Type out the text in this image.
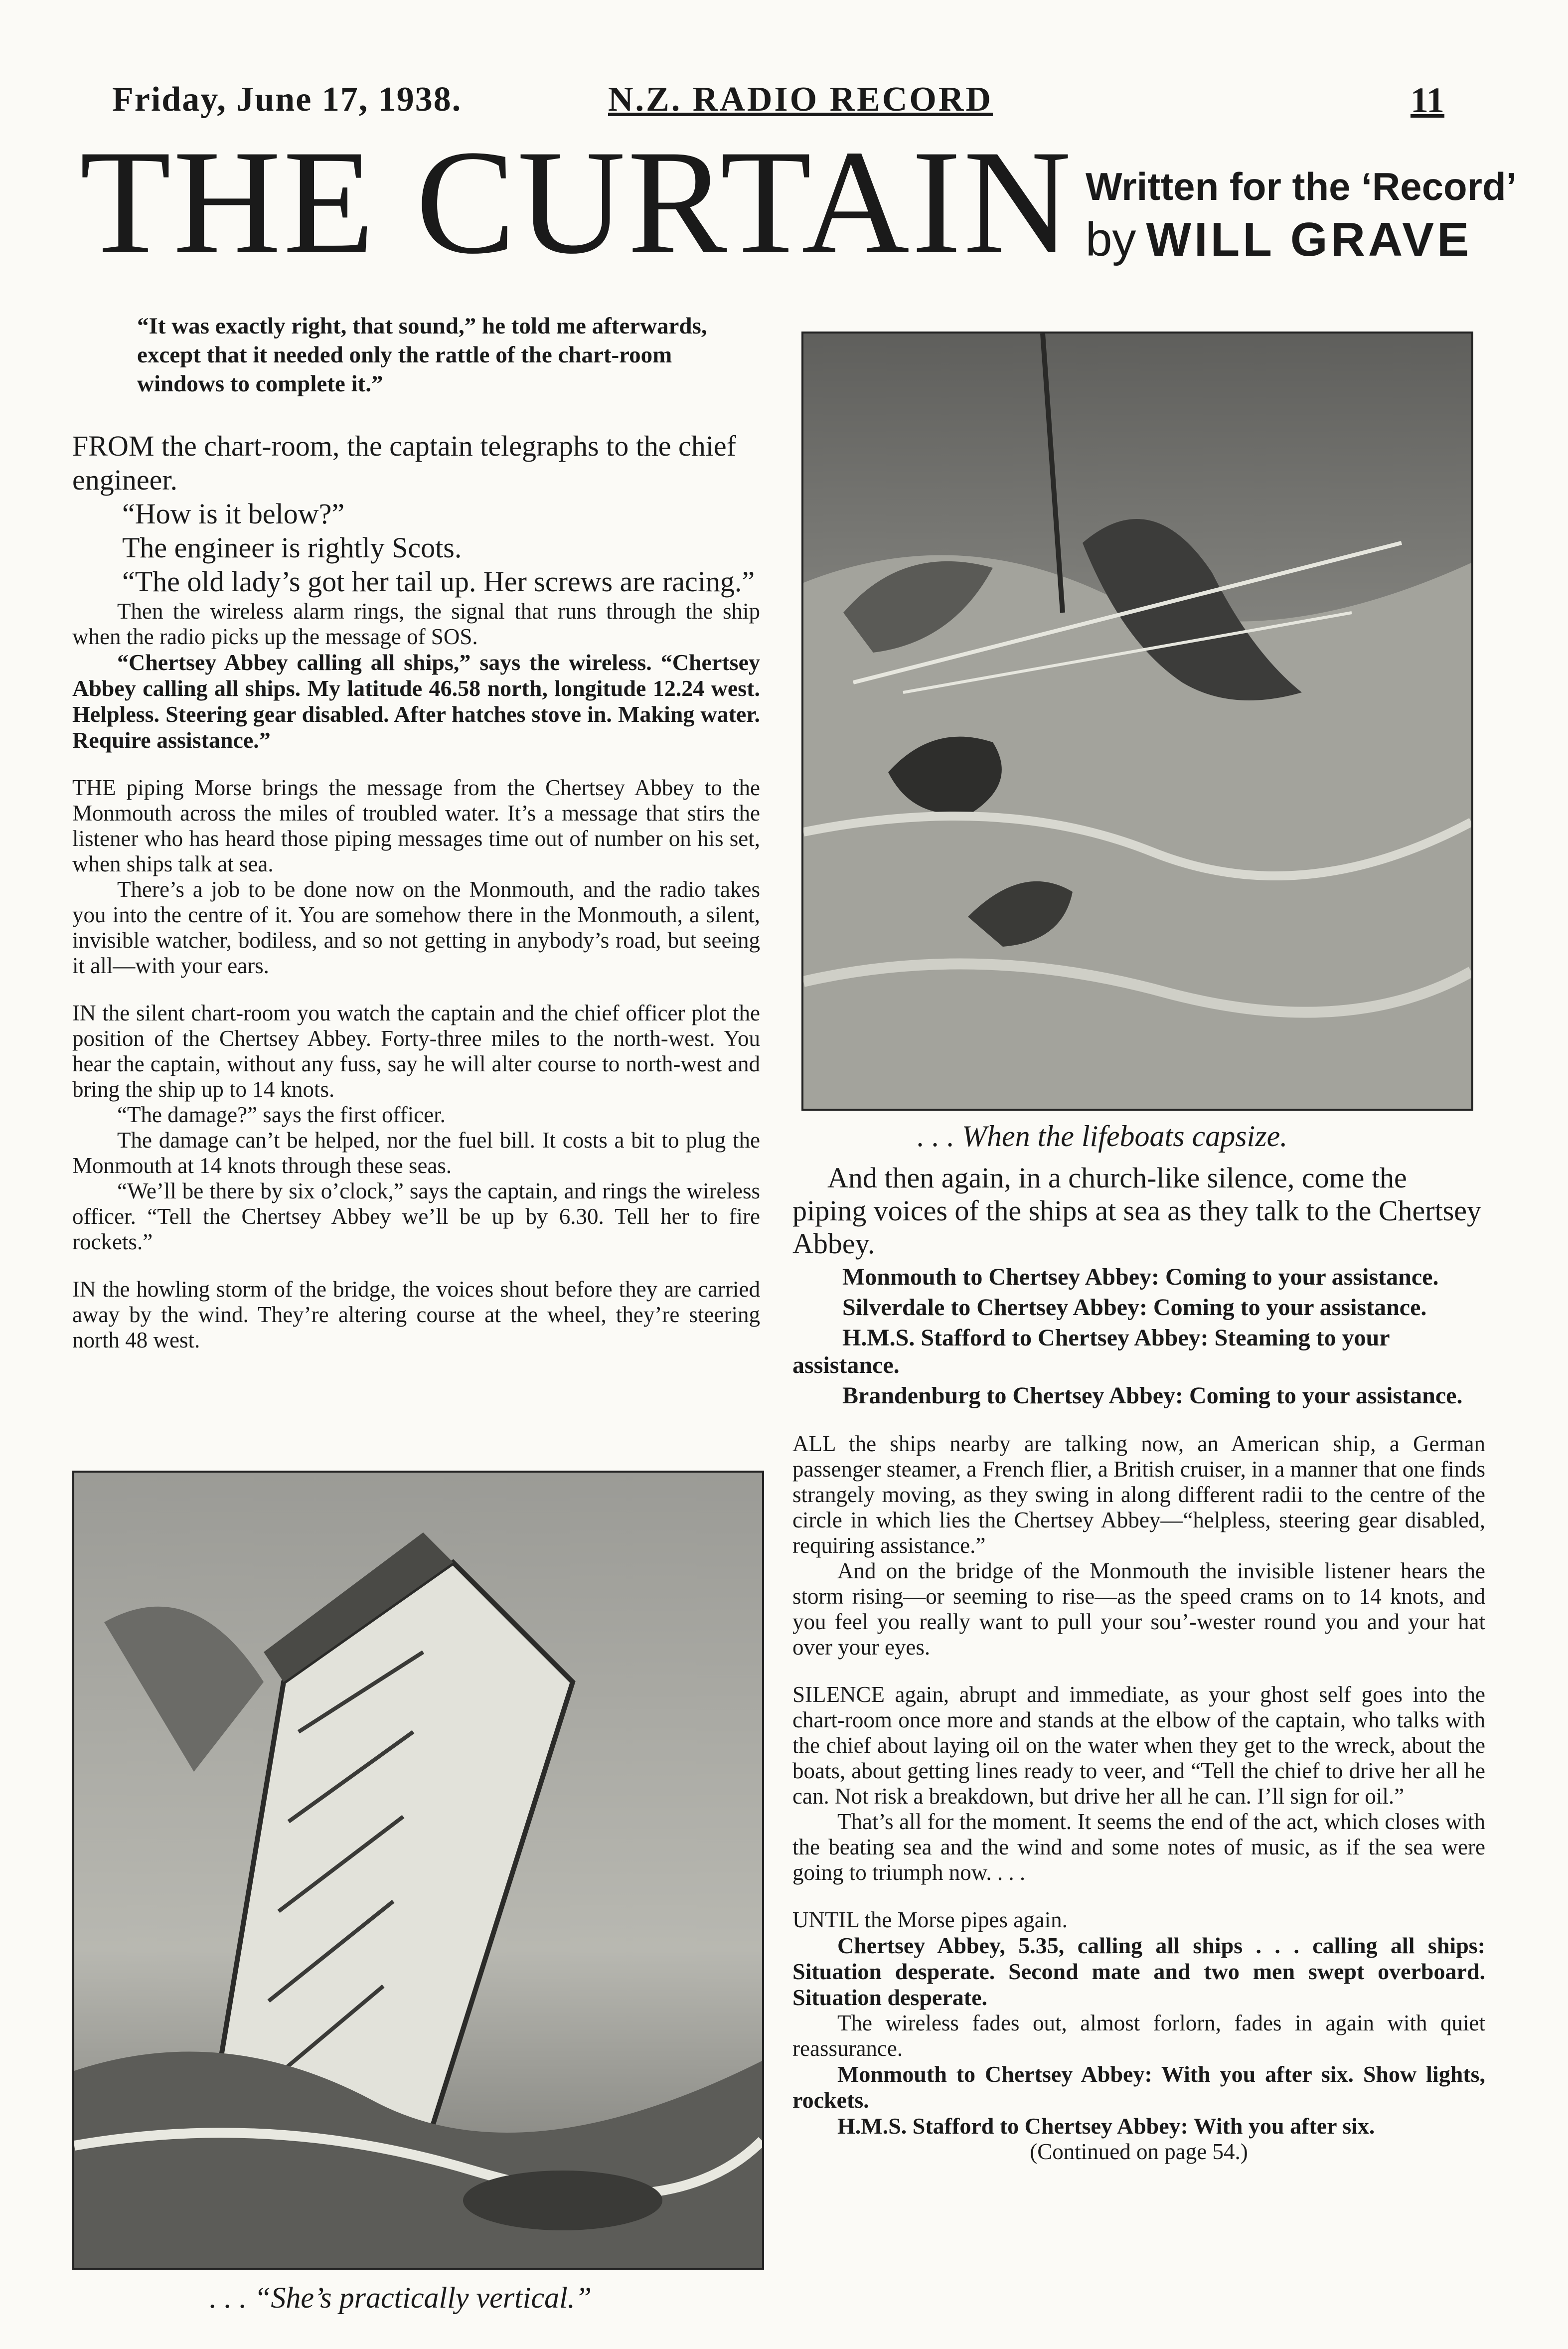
Friday, June 17, 1938.	N.Z. RADIO RECORD	11
THE CURTAIN Written for the ‘Record’
by WILL GRAVE

“It was exactly right, that sound,” he told me afterwards, except that it needed only the rattle of the chart-room windows to complete it.”

FROM the chart-room, the captain telegraphs to the chief engineer.

“How is it below?”

The engineer is rightly Scots.

“The old lady’s got her tail up. Her screws are racing.”

Then the wireless alarm rings, the signal that runs through the ship when the radio picks up the message of SOS.

“Chertsey Abbey calling all ships,” says the wireless. “Chertsey Abbey calling all ships. My latitude 46.58 north, longitude 12.24 west. Helpless. Steering gear disabled. After hatches stove in. Making water. Require assistance.”

THE piping Morse brings the message from the Chertsey Abbey to the Monmouth across the miles of troubled water. It’s a message that stirs the listener who has heard those piping messages time out of number on his set, when ships talk at sea.

There’s a job to be done now on the Monmouth, and the radio takes you into the centre of it. You are somehow there in the Monmouth, a silent, invisible watcher, bodiless, and so not getting in anybody’s road, but seeing it all—with your ears.

IN the silent chart-room you watch the captain and the chief officer plot the position of the Chertsey Abbey. Forty-three miles to the north-west. You hear the captain, without any fuss, say he will alter course to north-west and bring the ship up to 14 knots.

“The damage?” says the first officer.

The damage can’t be helped, nor the fuel bill. It costs a bit to plug the Monmouth at 14 knots through these seas.

“We’ll be there by six o’clock,” says the captain, and rings the wireless officer. “Tell the Chertsey Abbey we’ll be up by 6.30. Tell her to fire rockets.”

IN the howling storm of the bridge, the voices shout before they are carried away by the wind. They’re altering course at the wheel, they’re steering north 48 west.

. . . When the lifeboats capsize.
. . . “She’s practically vertical.”

And then again, in a church-like silence, come the piping voices of the ships at sea as they talk to the Chertsey Abbey.

Monmouth to Chertsey Abbey: Coming to your assistance.

Silverdale to Chertsey Abbey: Coming to your assistance.

H.M.S. Stafford to Chertsey Abbey: Steaming to your assistance.

Brandenburg to Chertsey Abbey: Coming to your assistance.

ALL the ships nearby are talking now, an American ship, a German passenger steamer, a French flier, a British cruiser, in a manner that one finds strangely moving, as they swing in along different radii to the centre of the circle in which lies the Chertsey Abbey—“helpless, steering gear disabled, requiring assistance.”

And on the bridge of the Monmouth the invisible listener hears the storm rising—or seeming to rise—as the speed crams on to 14 knots, and you feel you really want to pull your sou’-wester round you and your hat over your eyes.

SILENCE again, abrupt and immediate, as your ghost self goes into the chart-room once more and stands at the elbow of the captain, who talks with the chief about laying oil on the water when they get to the wreck, about the boats, about getting lines ready to veer, and “Tell the chief to drive her all he can. Not risk a breakdown, but drive her all he can. I’ll sign for oil.”

That’s all for the moment. It seems the end of the act, which closes with the beating sea and the wind and some notes of music, as if the sea were going to triumph now. . . .

UNTIL the Morse pipes again.

Chertsey Abbey, 5.35, calling all ships . . . calling all ships: Situation desperate. Second mate and two men swept overboard. Situation desperate.

The wireless fades out, almost forlorn, fades in again with quiet reassurance.

Monmouth to Chertsey Abbey: With you after six. Show lights, rockets.

H.M.S. Stafford to Chertsey Abbey: With you after six.

(Continued on page 54.)
